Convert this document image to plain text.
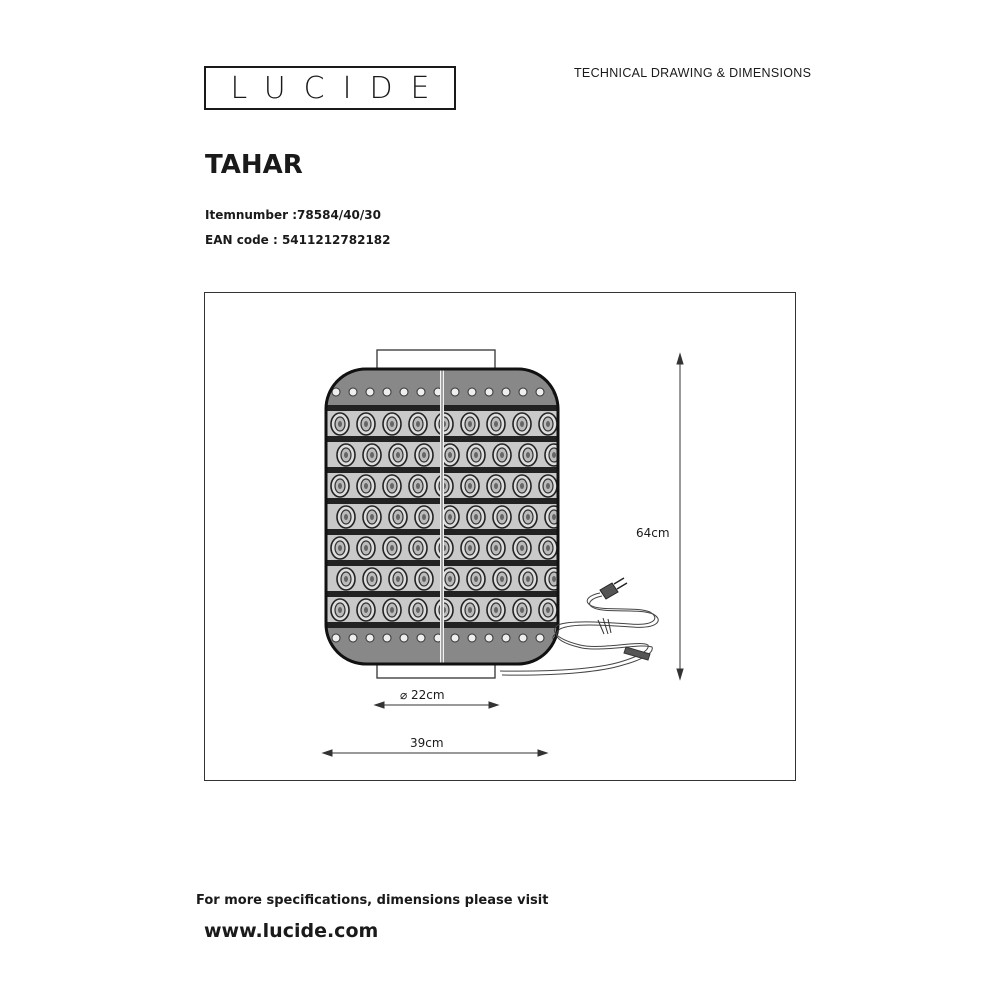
LUCIDE	TECHNICAL DRAWING & DIMENSIONS
TAHAR
Itemnumber :78584/40/30
EAN code : 5411212782182
64cm
⌀ 22cm
39cm
For more specifications, dimensions please visit
www.lucide.com
